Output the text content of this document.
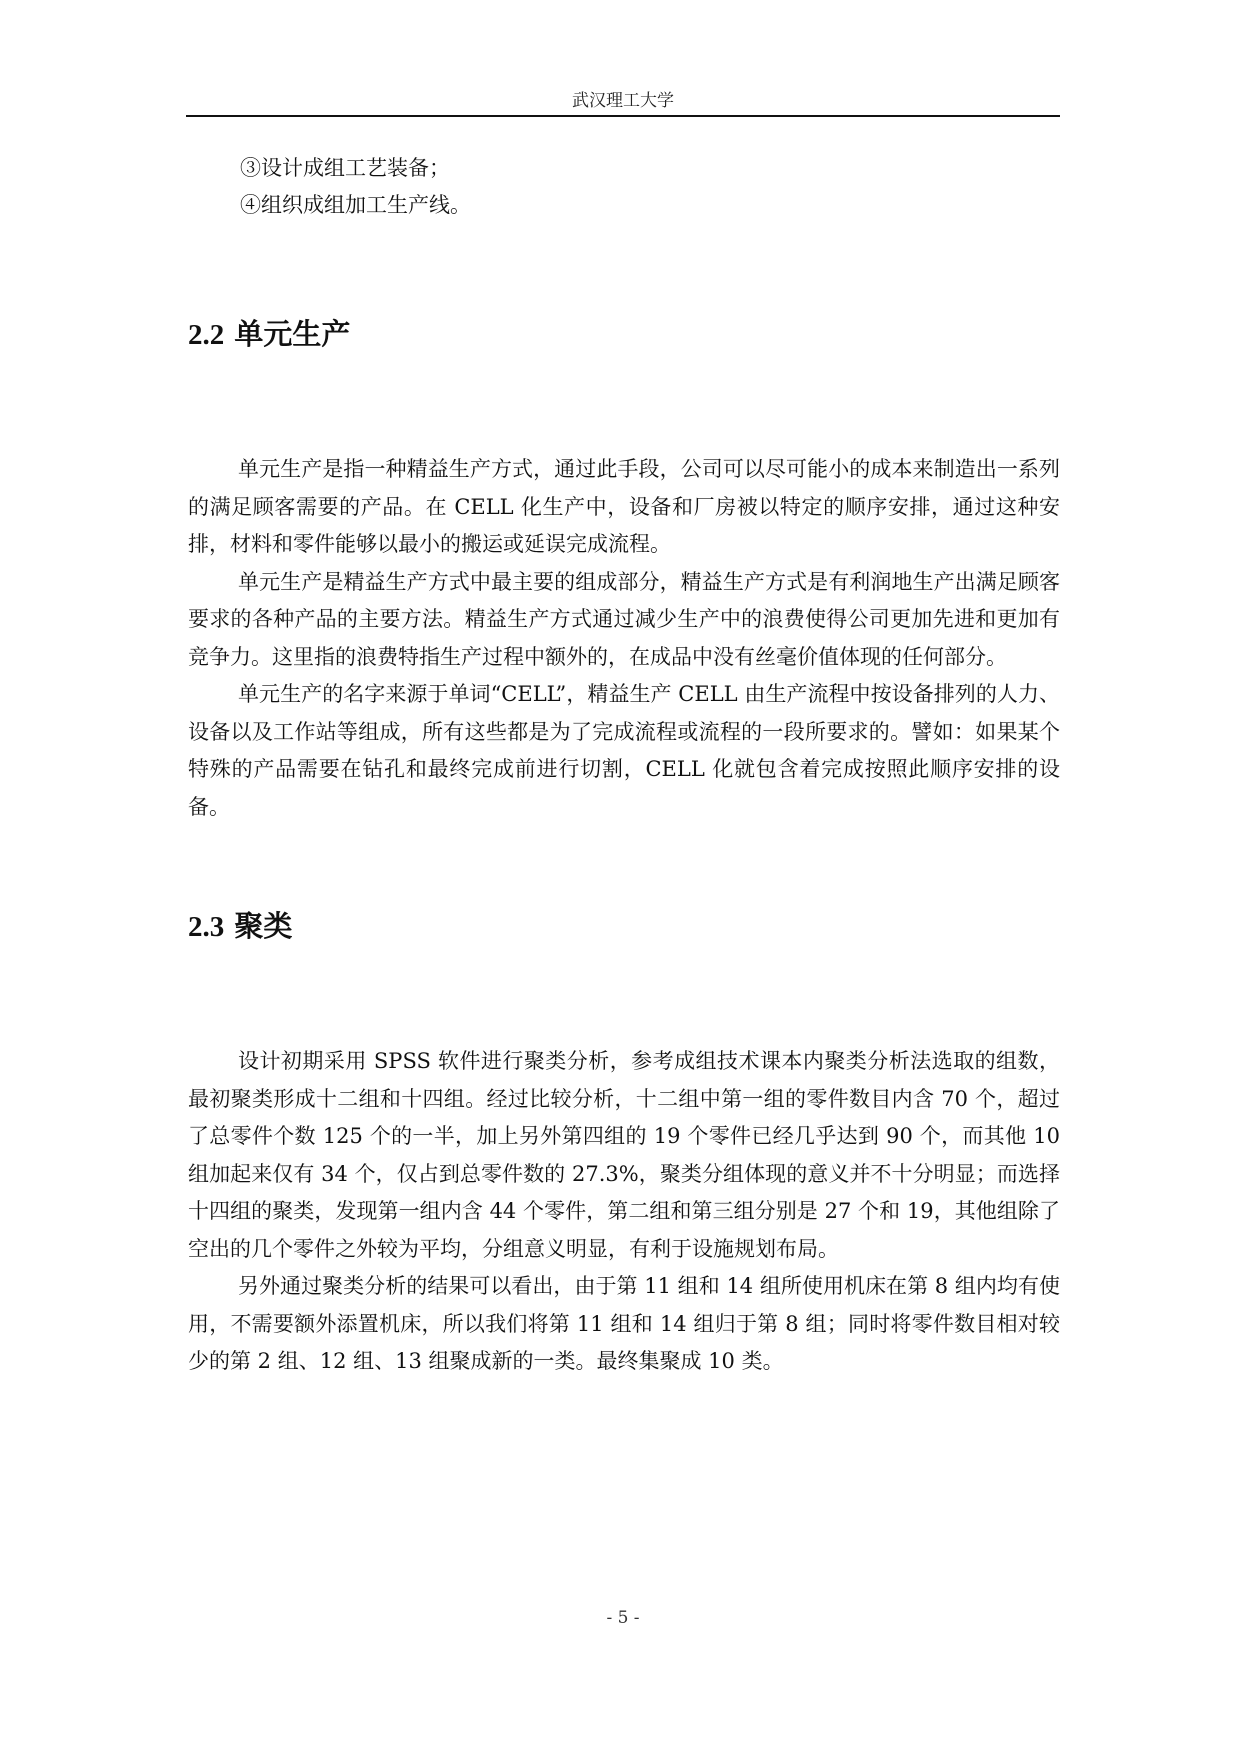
武汉理工大学
③设计成组工艺装备；
④组织成组加工生产线。
2.2 单元生产

单元生产是指一种精益生产方式，通过此手段，公司可以尽可能小的成本来制造出一系列的满足顾客需要的产品。在 CELL 化生产中，设备和厂房被以特定的顺序安排，通过这种安排，材料和零件能够以最小的搬运或延误完成流程。

单元生产是精益生产方式中最主要的组成部分，精益生产方式是有利润地生产出满足顾客要求的各种产品的主要方法。精益生产方式通过减少生产中的浪费使得公司更加先进和更加有竞争力。这里指的浪费特指生产过程中额外的，在成品中没有丝毫价值体现的任何部分。

单元生产的名字来源于单词“CELL”，精益生产 CELL 由生产流程中按设备排列的人力、设备以及工作站等组成，所有这些都是为了完成流程或流程的一段所要求的。譬如：如果某个特殊的产品需要在钻孔和最终完成前进行切割，CELL 化就包含着完成按照此顺序安排的设备。

2.3 聚类

设计初期采用 SPSS 软件进行聚类分析，参考成组技术课本内聚类分析法选取的组数，最初聚类形成十二组和十四组。经过比较分析，十二组中第一组的零件数目内含 70 个，超过了总零件个数 125 个的一半，加上另外第四组的 19 个零件已经几乎达到 90 个，而其他 10 组加起来仅有 34 个，仅占到总零件数的 27.3%，聚类分组体现的意义并不十分明显；而选择十四组的聚类，发现第一组内含 44 个零件，第二组和第三组分别是 27 个和 19，其他组除了空出的几个零件之外较为平均，分组意义明显，有利于设施规划布局。

另外通过聚类分析的结果可以看出，由于第 11 组和 14 组所使用机床在第 8 组内均有使用，不需要额外添置机床，所以我们将第 11 组和 14 组归于第 8 组；同时将零件数目相对较少的第 2 组、12 组、13 组聚成新的一类。最终集聚成 10 类。

- 5 -
